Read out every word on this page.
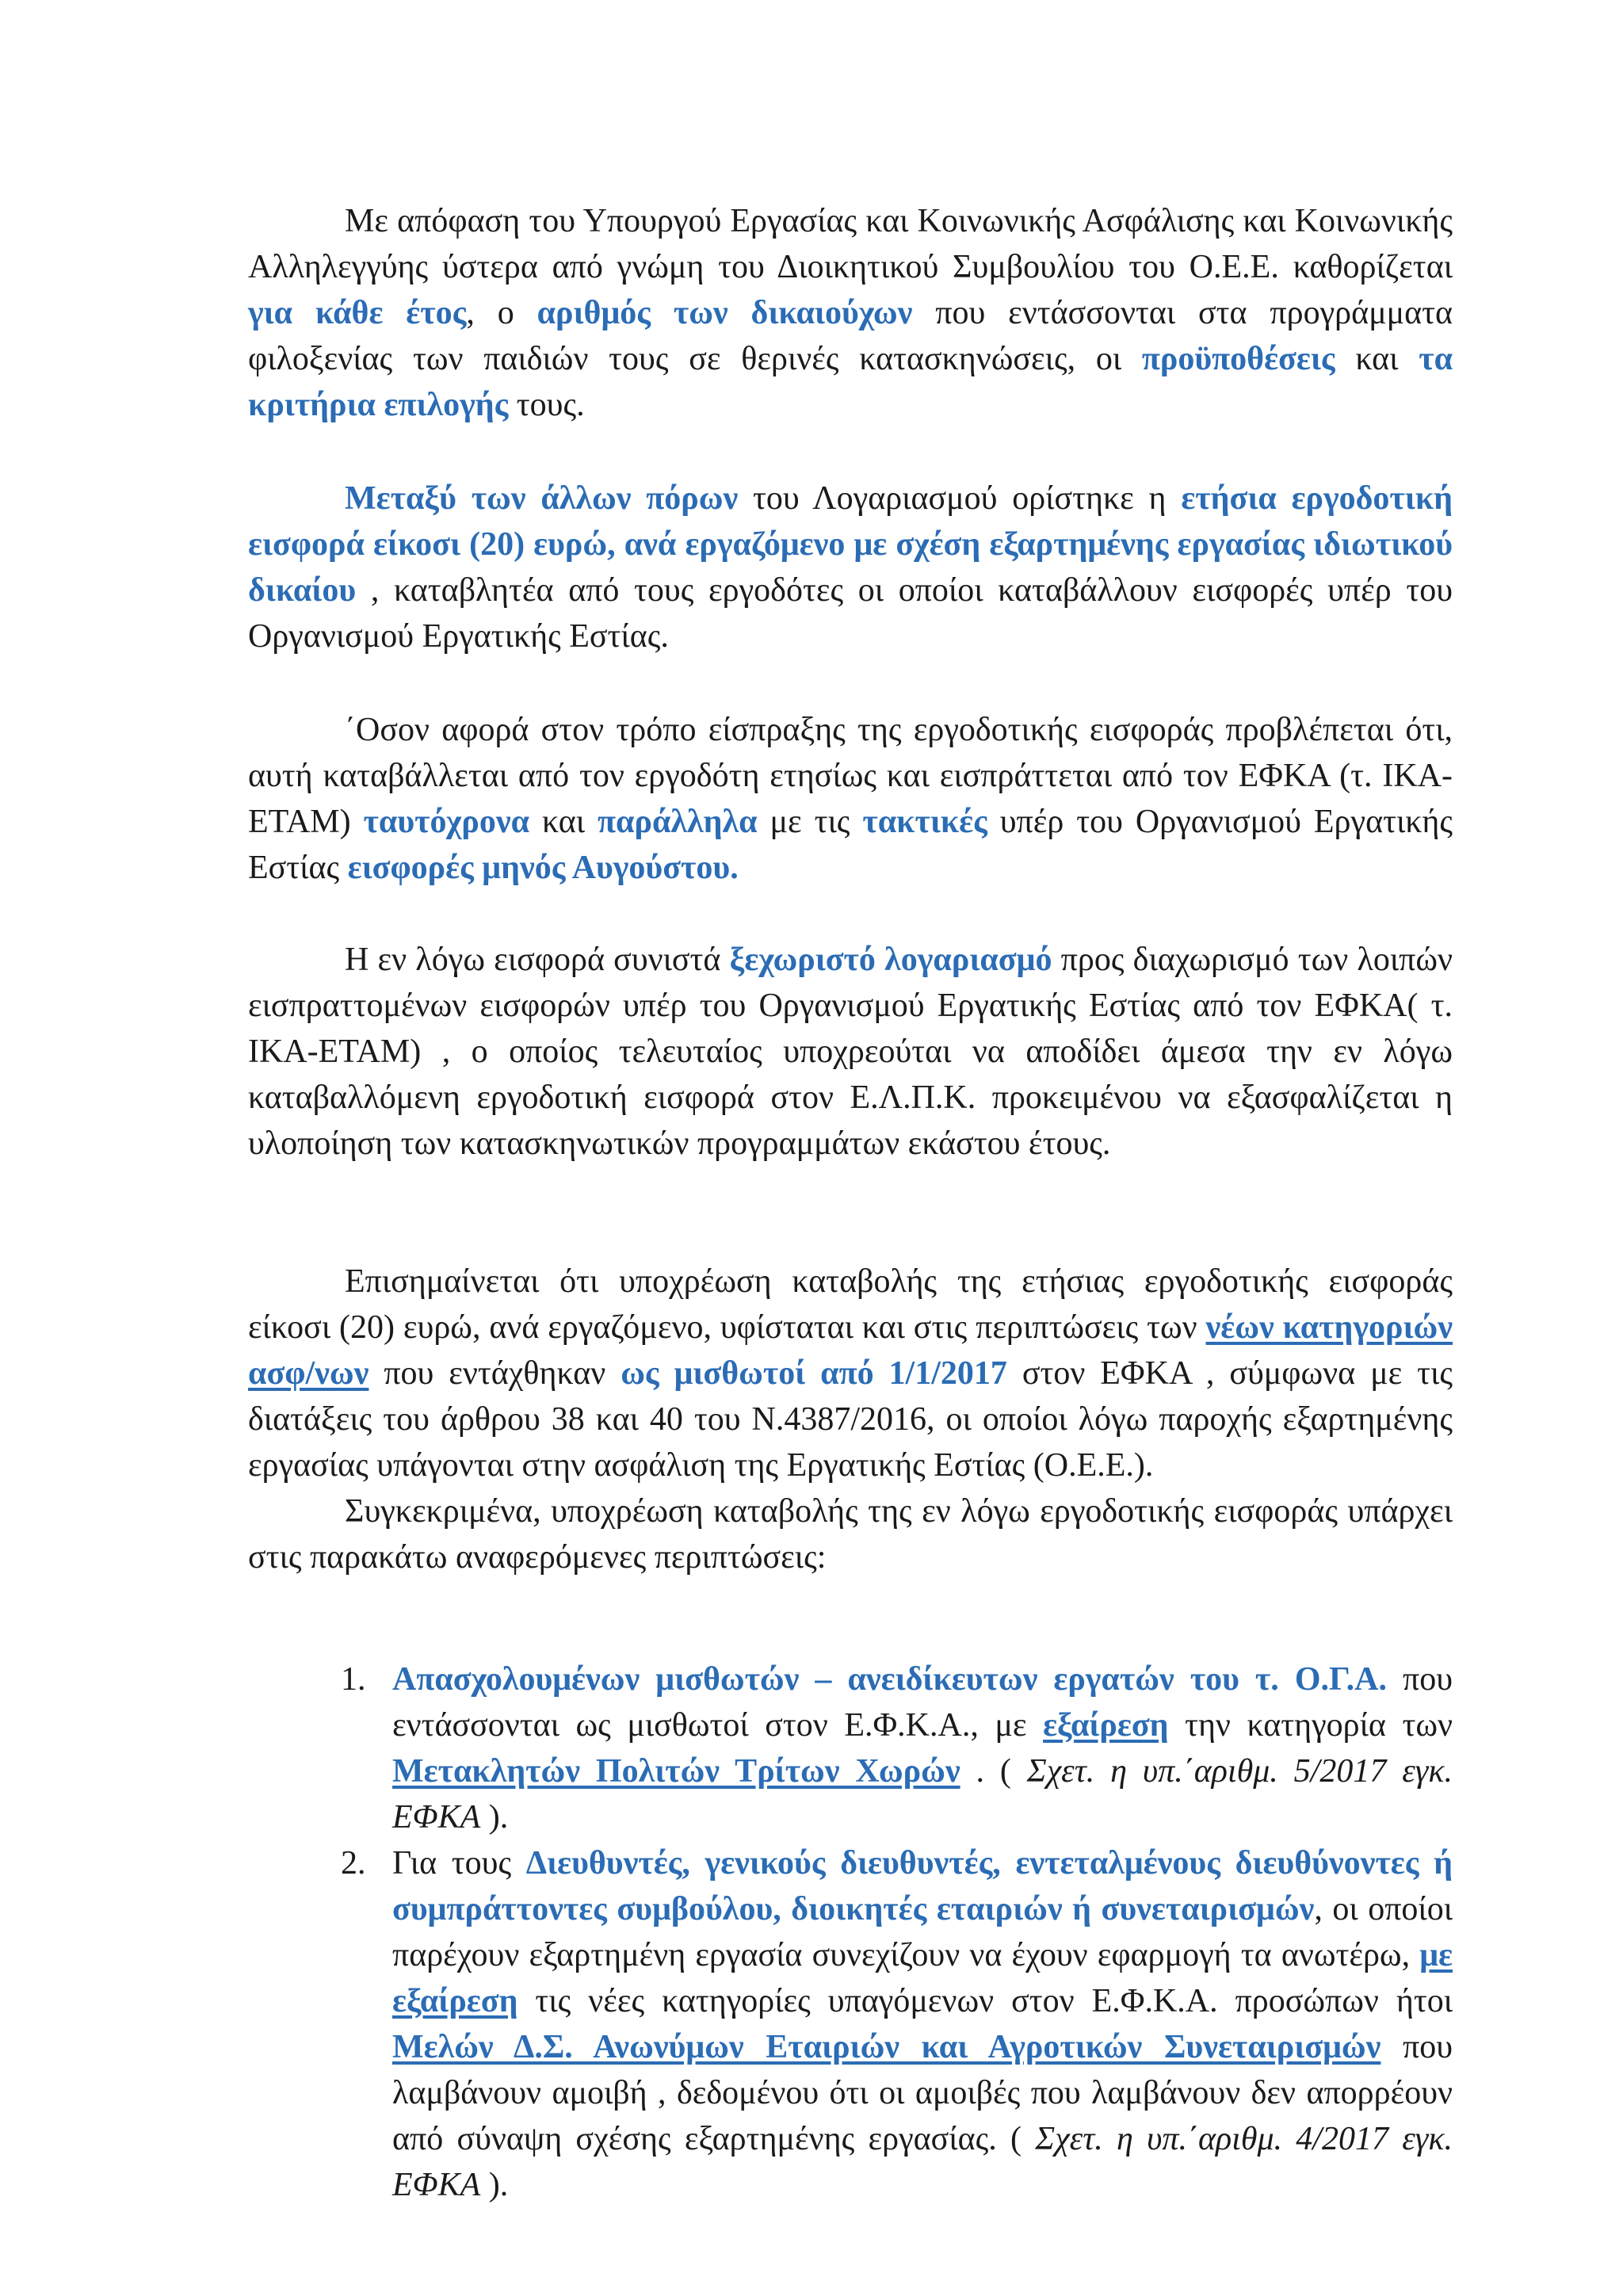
Με απόφαση του Υπουργού Εργασίας και Κοινωνικής Ασφάλισης και Κοινωνικής Αλληλεγγύης ύστερα από γνώμη του Διοικητικού Συμβουλίου του Ο.Ε.Ε. καθορίζεται για κάθε έτος, ο αριθμός των δικαιούχων που εντάσσονται στα προγράμματα φιλοξενίας των παιδιών τους σε θερινές κατασκηνώσεις, οι προϋποθέσεις και τα κριτήρια επιλογής τους.

Μεταξύ των άλλων πόρων του Λογαριασμού ορίστηκε η ετήσια εργοδοτική εισφορά είκοσι (20) ευρώ, ανά εργαζόμενο με σχέση εξαρτημένης εργασίας ιδιωτικού δικαίου , καταβλητέα από τους εργοδότες οι οποίοι καταβάλλουν εισφορές υπέρ του Οργανισμού Εργατικής Εστίας.

΄Οσον αφορά στον τρόπο είσπραξης της εργοδοτικής εισφοράς προβλέπεται ότι, αυτή καταβάλλεται από τον εργοδότη ετησίως και εισπράττεται από τον ΕΦΚΑ (τ. ΙΚΑ-ΕΤΑΜ) ταυτόχρονα και παράλληλα με τις τακτικές υπέρ του Οργανισμού Εργατικής Εστίας εισφορές μηνός Αυγούστου.

Η εν λόγω εισφορά συνιστά ξεχωριστό λογαριασμό προς διαχωρισμό των λοιπών εισπραττομένων εισφορών υπέρ του Οργανισμού Εργατικής Εστίας από τον ΕΦΚΑ( τ. ΙΚΑ-ΕΤΑΜ) , ο οποίος τελευταίος υποχρεούται να αποδίδει άμεσα την εν λόγω καταβαλλόμενη εργοδοτική εισφορά στον Ε.Λ.Π.Κ. προκειμένου να εξασφαλίζεται η υλοποίηση των κατασκηνωτικών προγραμμάτων εκάστου έτους.

Επισημαίνεται ότι υποχρέωση καταβολής της ετήσιας εργοδοτικής εισφοράς είκοσι (20) ευρώ, ανά εργαζόμενο, υφίσταται και στις περιπτώσεις των νέων κατηγοριών ασφ/νων που εντάχθηκαν ως μισθωτοί από 1/1/2017 στον ΕΦΚΑ , σύμφωνα με τις διατάξεις του άρθρου 38 και 40 του Ν.4387/2016, οι οποίοι λόγω παροχής εξαρτημένης εργασίας υπάγονται στην ασφάλιση της Εργατικής Εστίας (Ο.Ε.Ε.).

Συγκεκριμένα, υποχρέωση καταβολής της εν λόγω εργοδοτικής εισφοράς υπάρχει στις παρακάτω αναφερόμενες περιπτώσεις:

1. Απασχολουμένων μισθωτών – ανειδίκευτων εργατών του τ. Ο.Γ.Α. που εντάσσονται ως μισθωτοί στον Ε.Φ.Κ.Α., με εξαίρεση την κατηγορία των Μετακλητών Πολιτών Τρίτων Χωρών . ( Σχετ. η υπ.΄αριθμ. 5/2017 εγκ. ΕΦΚΑ ).
2. Για τους Διευθυντές, γενικούς διευθυντές, εντεταλμένους διευθύνοντες ή συμπράττοντες συμβούλου, διοικητές εταιριών ή συνεταιρισμών, οι οποίοι παρέχουν εξαρτημένη εργασία συνεχίζουν να έχουν εφαρμογή τα ανωτέρω, με εξαίρεση τις νέες κατηγορίες υπαγόμενων στον Ε.Φ.Κ.Α. προσώπων ήτοι Μελών Δ.Σ. Ανωνύμων Εταιριών και Αγροτικών Συνεταιρισμών που λαμβάνουν αμοιβή , δεδομένου ότι οι αμοιβές που λαμβάνουν δεν απορρέουν από σύναψη σχέσης εξαρτημένης εργασίας. ( Σχετ. η υπ.΄αριθμ. 4/2017 εγκ. ΕΦΚΑ ).
